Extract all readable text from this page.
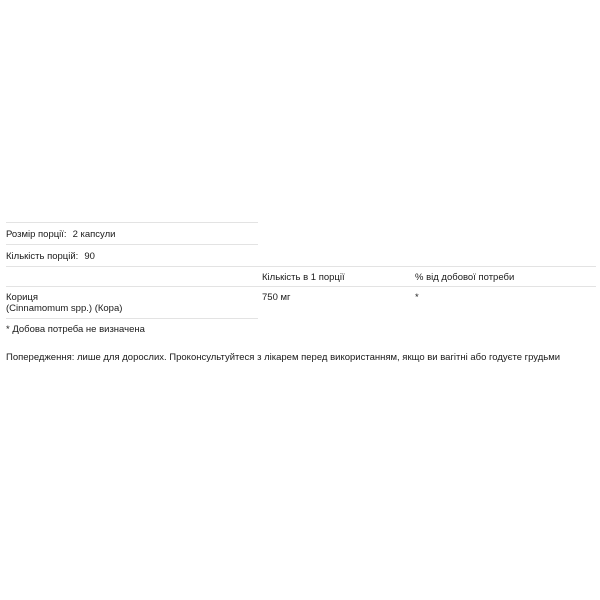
Розмір порції: 2 капсули
Кількість порцій: 90
Кількість в 1 порції	% від добової потреби
Кориця
(Cinnamomum spp.) (Кора)
750 мг	*
* Добова потреба не визначена
Попередження: лише для дорослих. Проконсультуйтеся з лікарем перед використанням, якщо ви вагітні або годуєте грудьми
